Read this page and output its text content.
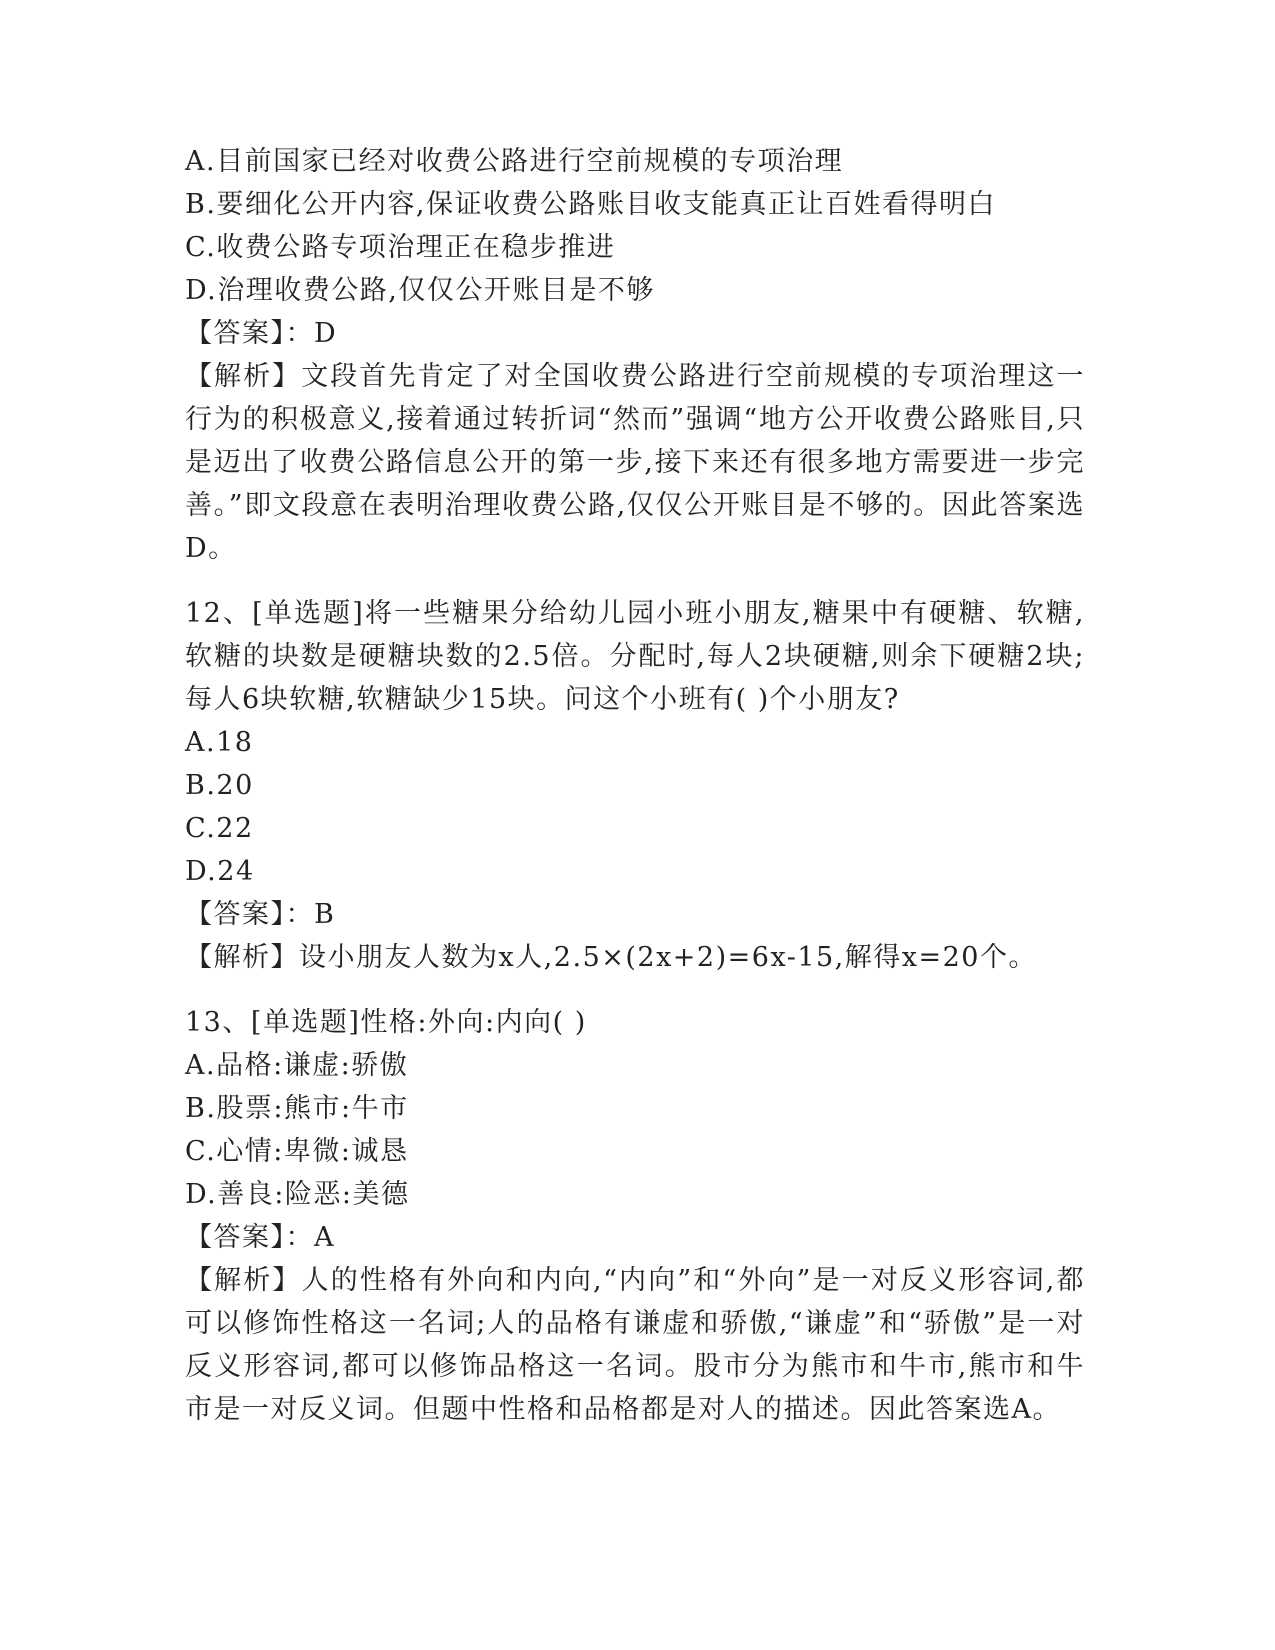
A.目前国家已经对收费公路进行空前规模的专项治理
B.要细化公开内容,保证收费公路账目收支能真正让百姓看得明白
C.收费公路专项治理正在稳步推进
D.治理收费公路,仅仅公开账目是不够
【答案】：D
【解析】文段首先肯定了对全国收费公路进行空前规模的专项治理这一行为的积极意义,接着通过转折词“然而”强调“地方公开收费公路账目,只是迈出了收费公路信息公开的第一步,接下来还有很多地方需要进一步完善。”即文段意在表明治理收费公路,仅仅公开账目是不够的。因此答案选D。
12、[单选题]将一些糖果分给幼儿园小班小朋友,糖果中有硬糖、软糖,软糖的块数是硬糖块数的2.5倍。分配时,每人2块硬糖,则余下硬糖2块;每人6块软糖,软糖缺少15块。问这个小班有( )个小朋友?
A.18
B.20
C.22
D.24
【答案】：B
【解析】设小朋友人数为x人,2.5×(2x+2)=6x-15,解得x=20个。
13、[单选题]性格:外向:内向( )
A.品格:谦虚:骄傲
B.股票:熊市:牛市
C.心情:卑微:诚恳
D.善良:险恶:美德
【答案】：A
【解析】人的性格有外向和内向,“内向”和“外向”是一对反义形容词,都可以修饰性格这一名词;人的品格有谦虚和骄傲,“谦虚”和“骄傲”是一对反义形容词,都可以修饰品格这一名词。股市分为熊市和牛市,熊市和牛市是一对反义词。但题中性格和品格都是对人的描述。因此答案选A。
